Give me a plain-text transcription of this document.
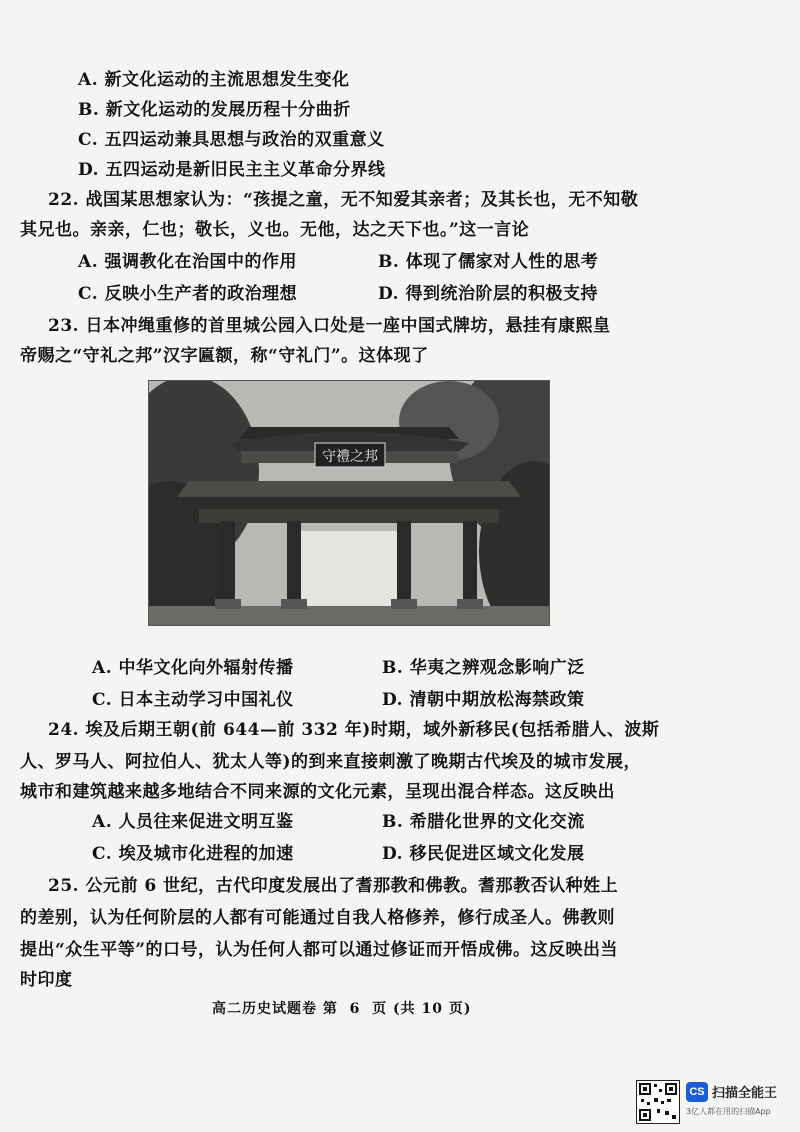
A. 新文化运动的主流思想发生变化
B. 新文化运动的发展历程十分曲折
C. 五四运动兼具思想与政治的双重意义
D. 五四运动是新旧民主主义革命分界线
22. 战国某思想家认为：“孩提之童，无不知爱其亲者；及其长也，无不知敬
其兄也。亲亲，仁也；敬长，义也。无他，达之天下也。”这一言论
A. 强调教化在治国中的作用	B. 体现了儒家对人性的思考
C. 反映小生产者的政治理想	D. 得到统治阶层的积极支持
23. 日本冲绳重修的首里城公园入口处是一座中国式牌坊，悬挂有康熙皇
帝赐之“守礼之邦”汉字匾额，称“守礼门”。这体现了
守禮之邦
A. 中华文化向外辐射传播	B. 华夷之辨观念影响广泛
C. 日本主动学习中国礼仪	D. 清朝中期放松海禁政策
24. 埃及后期王朝(前 644—前 332 年)时期，域外新移民(包括希腊人、波斯
人、罗马人、阿拉伯人、犹太人等)的到来直接刺激了晚期古代埃及的城市发展，
城市和建筑越来越多地结合不同来源的文化元素，呈现出混合样态。这反映出
A. 人员往来促进文明互鉴	B. 希腊化世界的文化交流
C. 埃及城市化进程的加速	D. 移民促进区域文化发展
25. 公元前 6 世纪，古代印度发展出了耆那教和佛教。耆那教否认种姓上
的差别，认为任何阶层的人都有可能通过自我人格修养，修行成圣人。佛教则
提出“众生平等”的口号，认为任何人都可以通过修证而开悟成佛。这反映出当
时印度
高二历史试题卷 第  6  页 (共 10 页)
CS 扫描全能王
3亿人都在用的扫描App
